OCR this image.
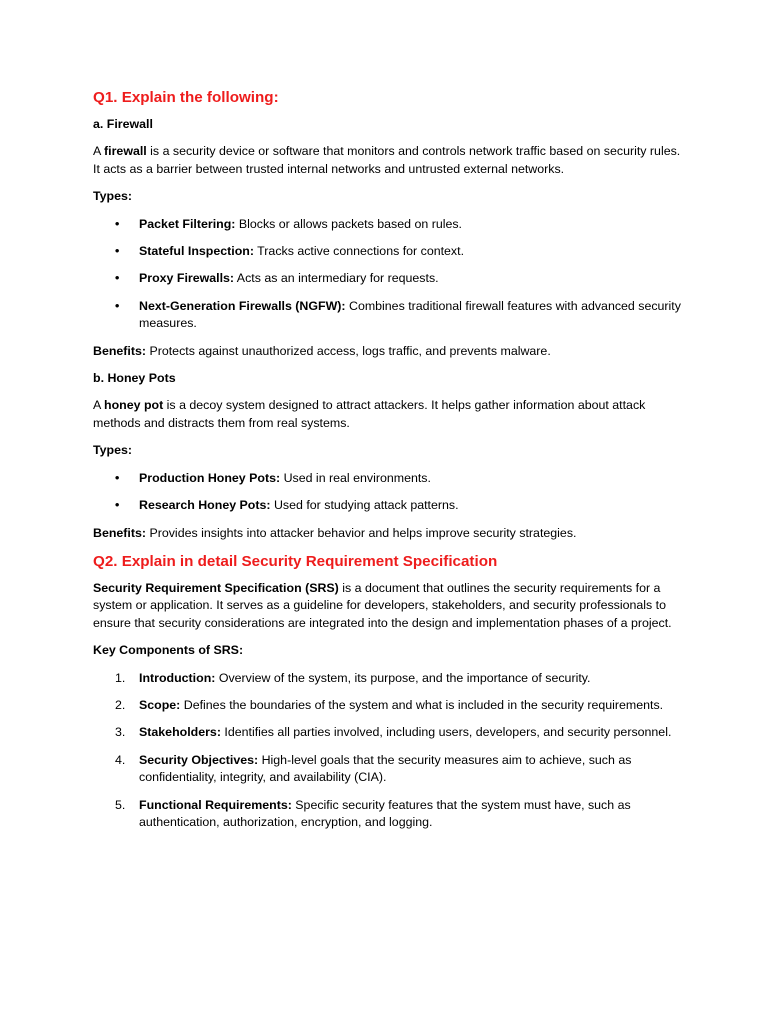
Q1. Explain the following:
a. Firewall

A firewall is a security device or software that monitors and controls network traffic based on security rules. It acts as a barrier between trusted internal networks and untrusted external networks.

Types:
• Packet Filtering: Blocks or allows packets based on rules.
• Stateful Inspection: Tracks active connections for context.
• Proxy Firewalls: Acts as an intermediary for requests.
• Next-Generation Firewalls (NGFW): Combines traditional firewall features with advanced security measures.

Benefits: Protects against unauthorized access, logs traffic, and prevents malware.

b. Honey Pots

A honey pot is a decoy system designed to attract attackers. It helps gather information about attack methods and distracts them from real systems.

Types:
• Production Honey Pots: Used in real environments.
• Research Honey Pots: Used for studying attack patterns.

Benefits: Provides insights into attacker behavior and helps improve security strategies.

Q2. Explain in detail Security Requirement Specification

Security Requirement Specification (SRS) is a document that outlines the security requirements for a system or application. It serves as a guideline for developers, stakeholders, and security professionals to ensure that security considerations are integrated into the design and implementation phases of a project.

Key Components of SRS:
1. Introduction: Overview of the system, its purpose, and the importance of security.
2. Scope: Defines the boundaries of the system and what is included in the security requirements.
3. Stakeholders: Identifies all parties involved, including users, developers, and security personnel.
4. Security Objectives: High-level goals that the security measures aim to achieve, such as confidentiality, integrity, and availability (CIA).
5. Functional Requirements: Specific security features that the system must have, such as authentication, authorization, encryption, and logging.
